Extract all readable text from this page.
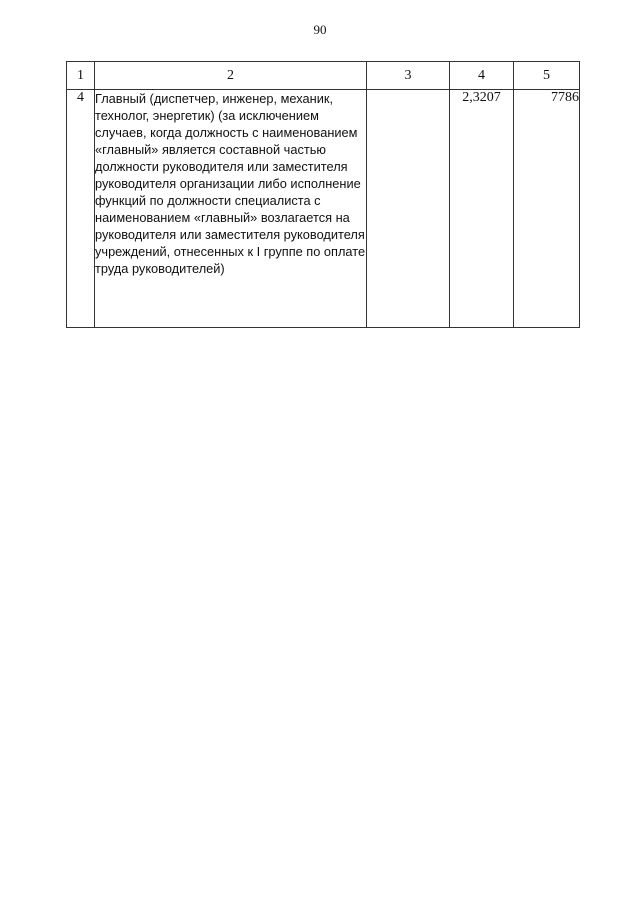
90
1	2	3	4	5
4	Главный (диспетчер, инженер, механик, технолог, энергетик) (за исключением случаев, когда должность с наименованием «главный» является составной частью должности руководителя или заместителя руководителя организации либо исполнение функций по должности специалиста с наименованием «главный» возлагается на руководителя или заместителя руководителя учреждений, отнесенных к I группе по оплате труда руководителей)		2,3207	7786
